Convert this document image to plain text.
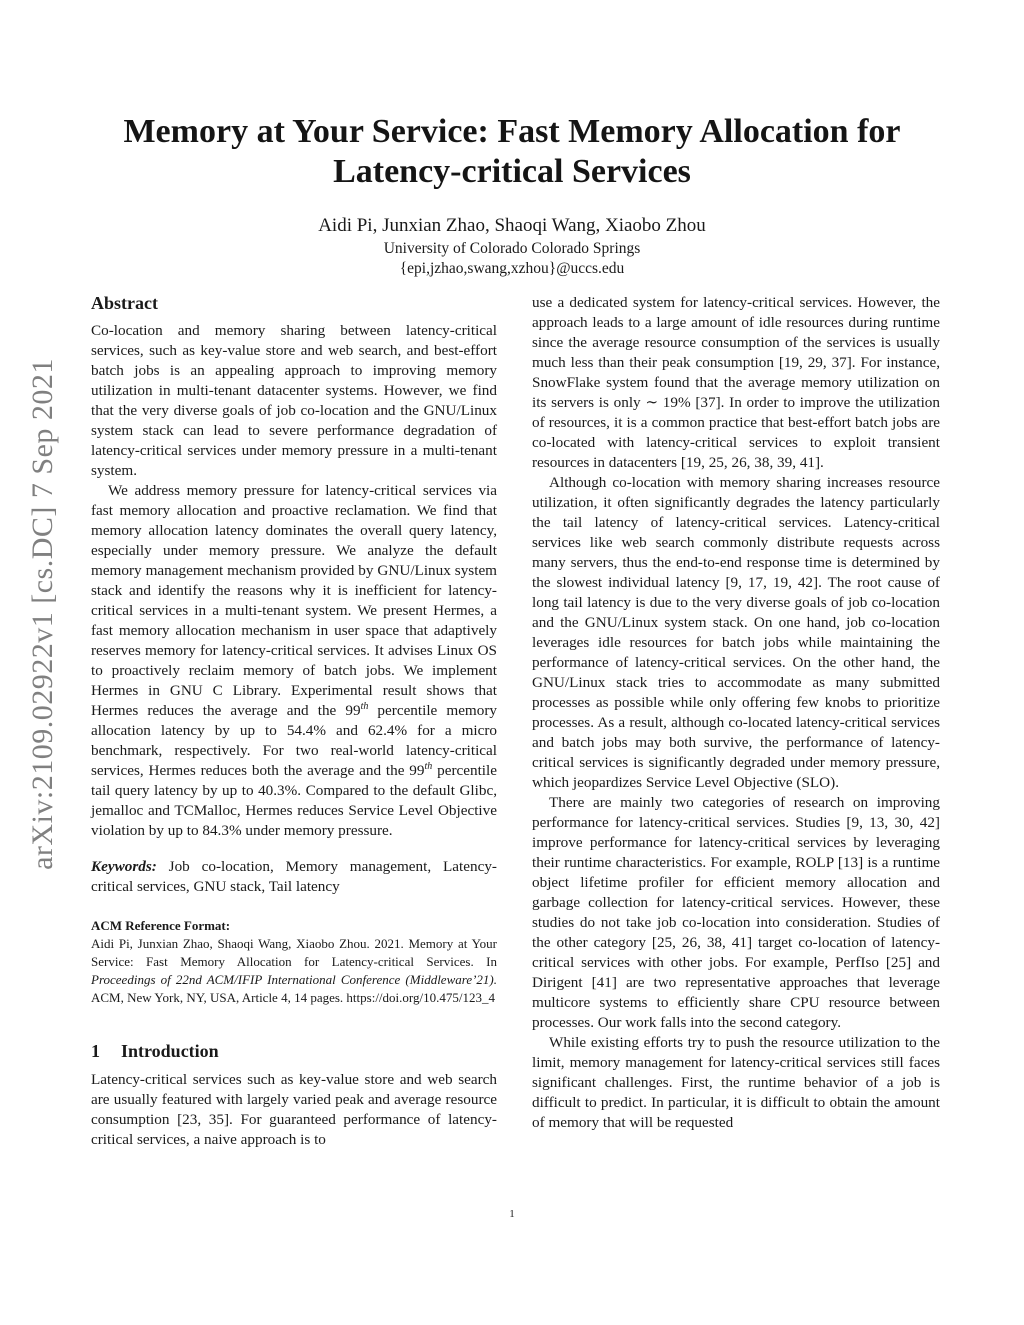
arXiv:2109.02922v1 [cs.DC] 7 Sep 2021
Memory at Your Service: Fast Memory Allocation for
Latency-critical Services
Aidi Pi, Junxian Zhao, Shaoqi Wang, Xiaobo Zhou
University of Colorado Colorado Springs
{epi,jzhao,swang,xzhou}@uccs.edu

Abstract

Co-location and memory sharing between latency-critical services, such as key-value store and web search, and best-effort batch jobs is an appealing approach to improving memory utilization in multi-tenant datacenter systems. However, we find that the very diverse goals of job co-location and the GNU/Linux system stack can lead to severe performance degradation of latency-critical services under memory pressure in a multi-tenant system.

We address memory pressure for latency-critical services via fast memory allocation and proactive reclamation. We find that memory allocation latency dominates the overall query latency, especially under memory pressure. We analyze the default memory management mechanism provided by GNU/Linux system stack and identify the reasons why it is inefficient for latency-critical services in a multi-tenant system. We present Hermes, a fast memory allocation mechanism in user space that adaptively reserves memory for latency-critical services. It advises Linux OS to proactively reclaim memory of batch jobs. We implement Hermes in GNU C Library. Experimental result shows that Hermes reduces the average and the 99th percentile memory allocation latency by up to 54.4% and 62.4% for a micro benchmark, respectively. For two real-world latency-critical services, Hermes reduces both the average and the 99th percentile tail query latency by up to 40.3%. Compared to the default Glibc, jemalloc and TCMalloc, Hermes reduces Service Level Objective violation by up to 84.3% under memory pressure.

Keywords: Job co-location, Memory management, Latency-critical services, GNU stack, Tail latency

ACM Reference Format:

Aidi Pi, Junxian Zhao, Shaoqi Wang, Xiaobo Zhou. 2021. Memory at Your Service: Fast Memory Allocation for Latency-critical Services. In Proceedings of 22nd ACM/IFIP International Conference (Middleware’21). ACM, New York, NY, USA, Article 4, 14 pages. https://doi.org/10.475/123_4

1 Introduction

Latency-critical services such as key-value store and web search are usually featured with largely varied peak and average resource consumption [23, 35]. For guaranteed performance of latency-critical services, a naive approach is to

use a dedicated system for latency-critical services. However, the approach leads to a large amount of idle resources during runtime since the average resource consumption of the services is usually much less than their peak consumption [19, 29, 37]. For instance, SnowFlake system found that the average memory utilization on its servers is only ∼ 19% [37]. In order to improve the utilization of resources, it is a common practice that best-effort batch jobs are co-located with latency-critical services to exploit transient resources in datacenters [19, 25, 26, 38, 39, 41].

Although co-location with memory sharing increases resource utilization, it often significantly degrades the latency particularly the tail latency of latency-critical services. Latency-critical services like web search commonly distribute requests across many servers, thus the end-to-end response time is determined by the slowest individual latency [9, 17, 19, 42]. The root cause of long tail latency is due to the very diverse goals of job co-location and the GNU/Linux system stack. On one hand, job co-location leverages idle resources for batch jobs while maintaining the performance of latency-critical services. On the other hand, the GNU/Linux stack tries to accommodate as many submitted processes as possible while only offering few knobs to prioritize processes. As a result, although co-located latency-critical services and batch jobs may both survive, the performance of latency-critical services is significantly degraded under memory pressure, which jeopardizes Service Level Objective (SLO).

There are mainly two categories of research on improving performance for latency-critical services. Studies [9, 13, 30, 42] improve performance for latency-critical services by leveraging their runtime characteristics. For example, ROLP [13] is a runtime object lifetime profiler for efficient memory allocation and garbage collection for latency-critical services. However, these studies do not take job co-location into consideration. Studies of the other category [25, 26, 38, 41] target co-location of latency-critical services with other jobs. For example, PerfIso [25] and Dirigent [41] are two representative approaches that leverage multicore systems to efficiently share CPU resource between processes. Our work falls into the second category.

While existing efforts try to push the resource utilization to the limit, memory management for latency-critical services still faces significant challenges. First, the runtime behavior of a job is difficult to predict. In particular, it is difficult to obtain the amount of memory that will be requested

1
